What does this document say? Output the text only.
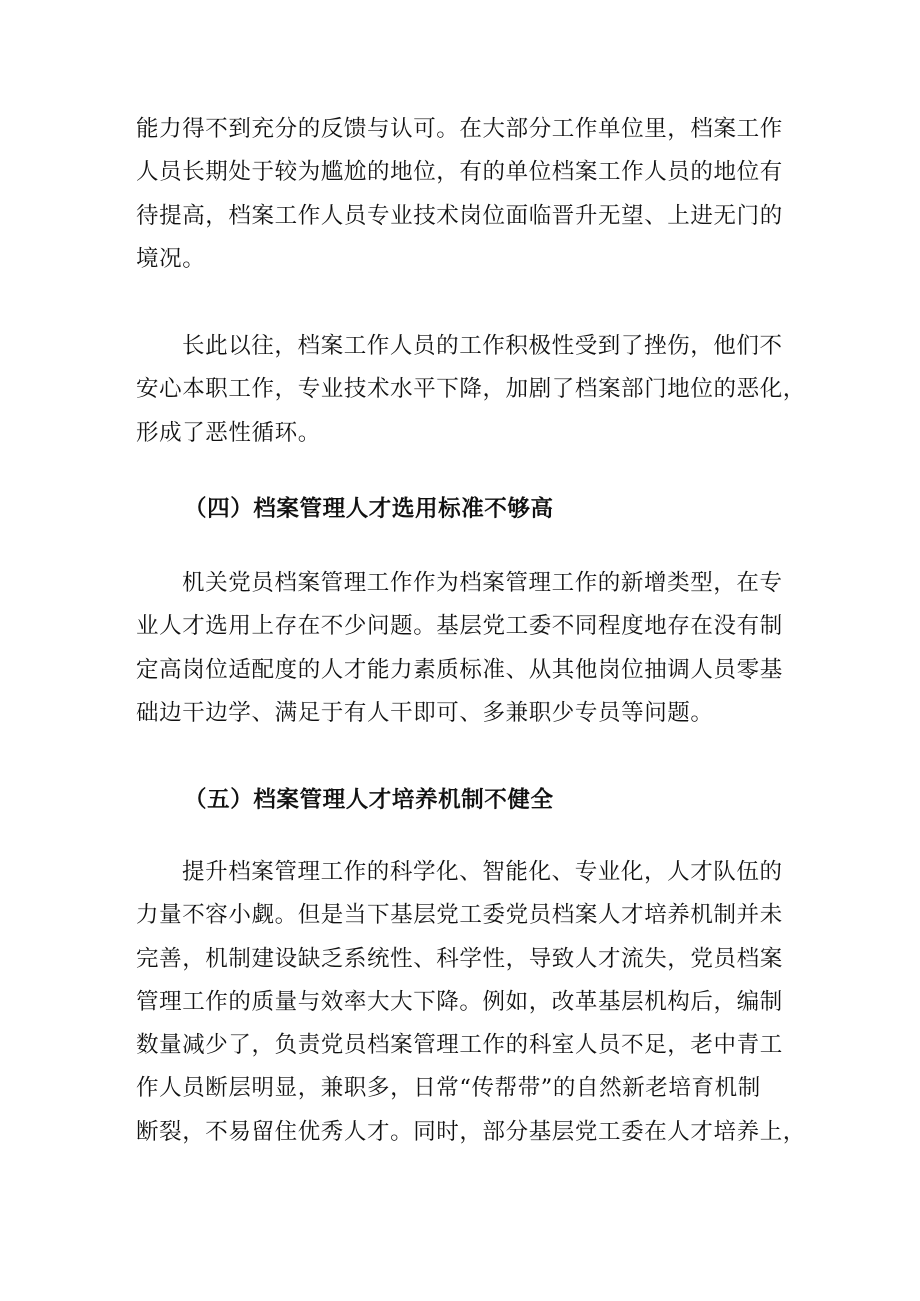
能力得不到充分的反馈与认可。在大部分工作单位里，档案工作
人员长期处于较为尴尬的地位，有的单位档案工作人员的地位有
待提高，档案工作人员专业技术岗位面临晋升无望、上进无门的
境况。
长此以往，档案工作人员的工作积极性受到了挫伤，他们不
安心本职工作，专业技术水平下降，加剧了档案部门地位的恶化，
形成了恶性循环。
（四）档案管理人才选用标准不够高
机关党员档案管理工作作为档案管理工作的新增类型，在专
业人才选用上存在不少问题。基层党工委不同程度地存在没有制
定高岗位适配度的人才能力素质标准、从其他岗位抽调人员零基
础边干边学、满足于有人干即可、多兼职少专员等问题。
（五）档案管理人才培养机制不健全
提升档案管理工作的科学化、智能化、专业化，人才队伍的
力量不容小觑。但是当下基层党工委党员档案人才培养机制并未
完善，机制建设缺乏系统性、科学性，导致人才流失，党员档案
管理工作的质量与效率大大下降。例如，改革基层机构后，编制
数量减少了，负责党员档案管理工作的科室人员不足，老中青工
作人员断层明显，兼职多，日常“传帮带”的自然新老培育机制
断裂，不易留住优秀人才。同时，部分基层党工委在人才培养上，
